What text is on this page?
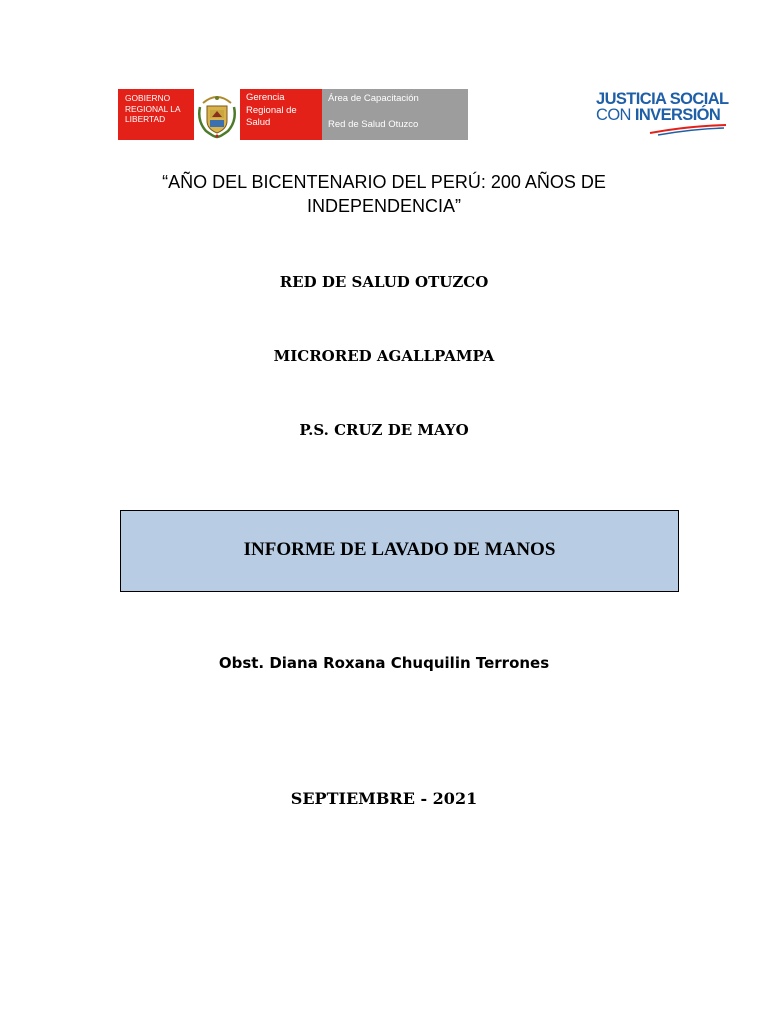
GOBIERNO
REGIONAL LA
LIBERTAD
Gerencia
Regional de
Salud
Área de Capacitación
Red de Salud Otuzco
JUSTICIA SOCIAL
CON INVERSIÓN
“AÑO DEL BICENTENARIO DEL PERÚ: 200 AÑOS DE
INDEPENDENCIA”
RED DE SALUD OTUZCO
MICRORED AGALLPAMPA
P.S. CRUZ DE MAYO
INFORME DE LAVADO DE MANOS
Obst. Diana Roxana Chuquilin Terrones
SEPTIEMBRE - 2021
